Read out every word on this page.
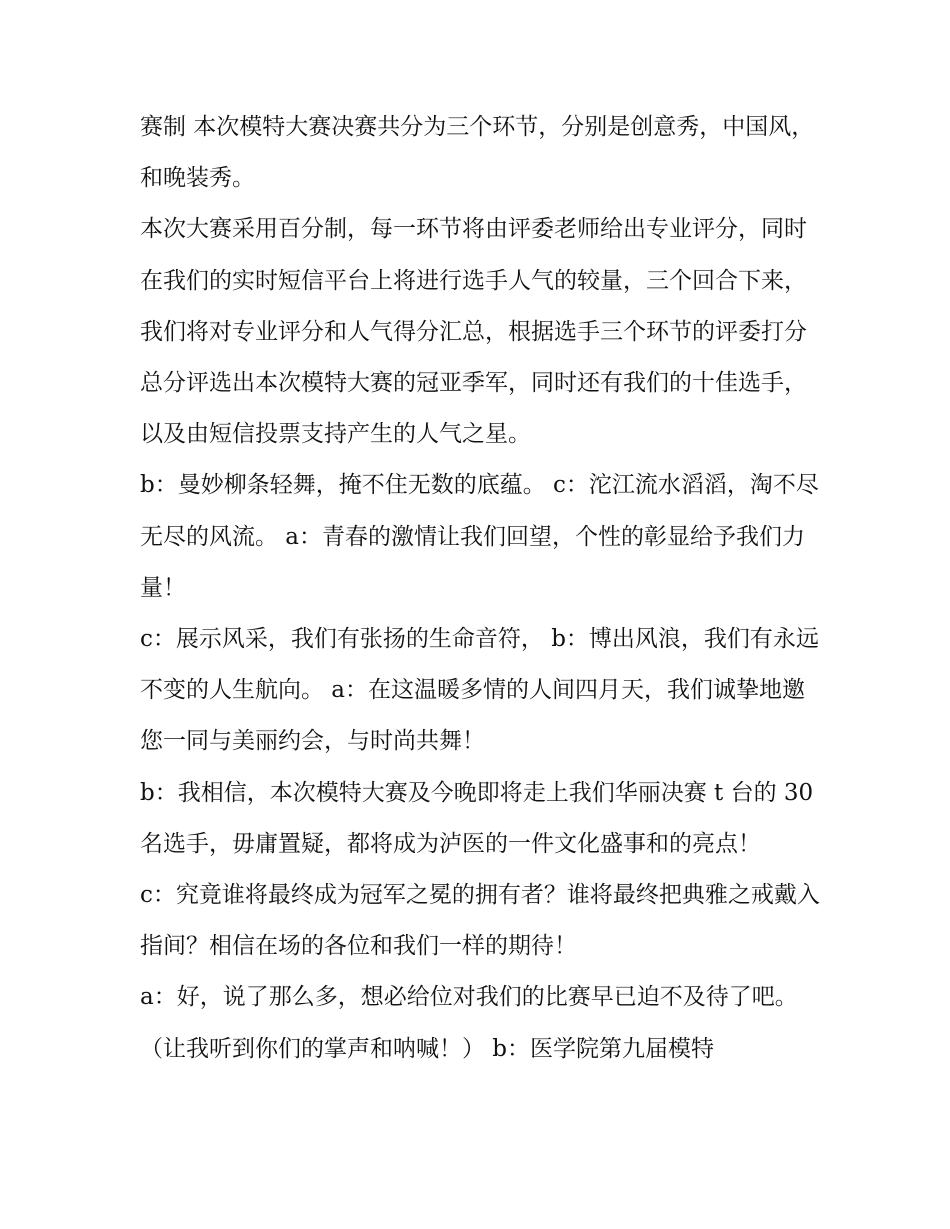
赛制 本次模特大赛决赛共分为三个环节，分别是创意秀，中国风，和晚装秀。

本次大赛采用百分制，每一环节将由评委老师给出专业评分，同时在我们的实时短信平台上将进行选手人气的较量，三个回合下来，我们将对专业评分和人气得分汇总，根据选手三个环节的评委打分总分评选出本次模特大赛的冠亚季军，同时还有我们的十佳选手，以及由短信投票支持产生的人气之星。

b：曼妙柳条轻舞，掩不住无数的底蕴。 c：沱江流水滔滔，淘不尽无尽的风流。 a：青春的激情让我们回望，个性的彰显给予我们力量！

c：展示风采，我们有张扬的生命音符， b：博出风浪，我们有永远不变的人生航向。 a：在这温暖多情的人间四月天，我们诚挚地邀您一同与美丽约会，与时尚共舞！

b：我相信，本次模特大赛及今晚即将走上我们华丽决赛 t 台的 30 名选手，毋庸置疑，都将成为泸医的一件文化盛事和的亮点！

c：究竟谁将最终成为冠军之冕的拥有者？谁将最终把典雅之戒戴入指间？相信在场的各位和我们一样的期待！

a：好，说了那么多，想必给位对我们的比赛早已迫不及待了吧。（让我听到你们的掌声和呐喊！） b：医学院第九届模特
